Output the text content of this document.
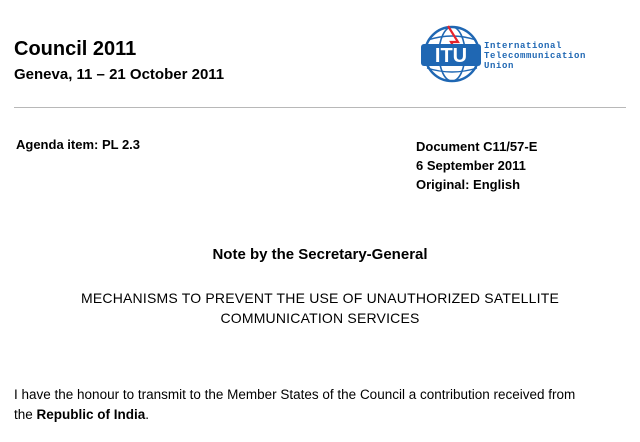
Council 2011
Geneva, 11 – 21 October 2011
ITU International
Telecommunication
Union
Agenda item: PL 2.3	Document C11/57-E
6 September 2011
Original: English
Note by the Secretary-General
MECHANISMS TO PREVENT THE USE OF UNAUTHORIZED SATELLITE
COMMUNICATION SERVICES
I have the honour to transmit to the Member States of the Council a contribution received from
the Republic of India.
